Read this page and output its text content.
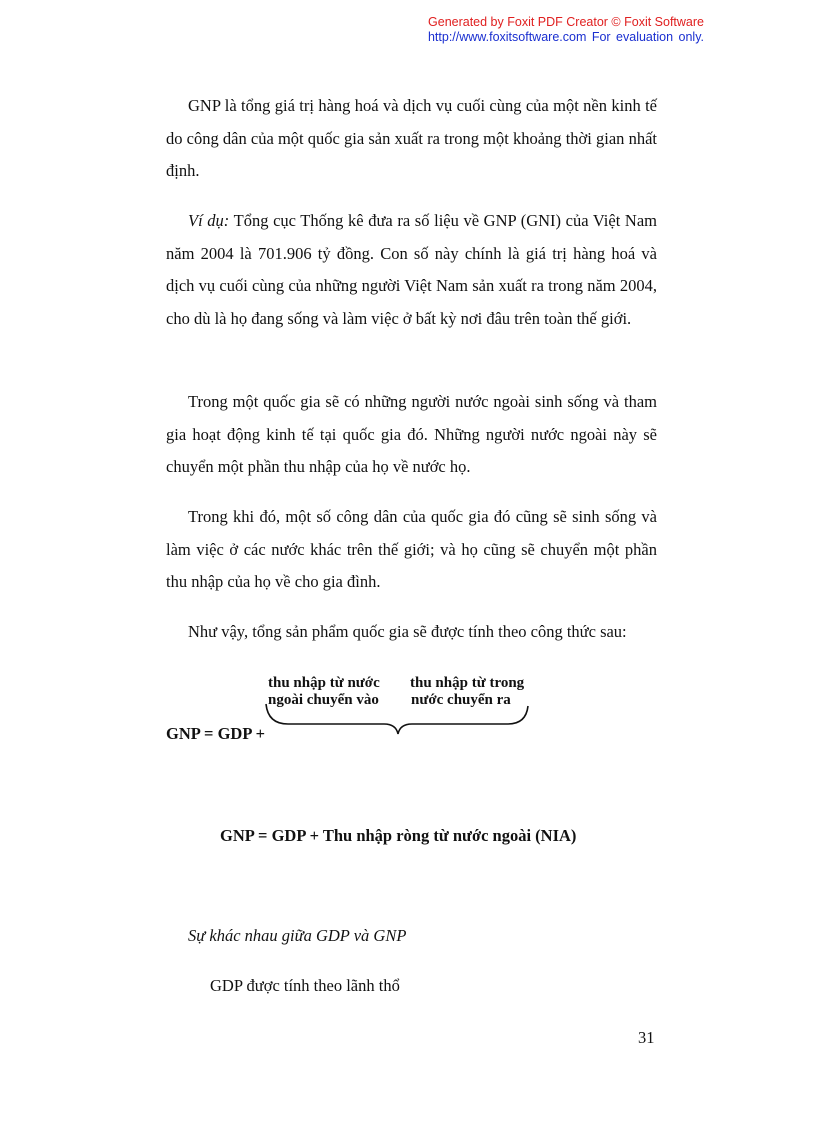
Generated by Foxit PDF Creator © Foxit Software
http://www.foxitsoftware.com For evaluation only.

GNP là tổng giá trị hàng hoá và dịch vụ cuối cùng của một nền kinh tế do công dân của một quốc gia sản xuất ra trong một khoảng thời gian nhất định.

Ví dụ: Tổng cục Thống kê đưa ra số liệu về GNP (GNI) của Việt Nam năm 2004 là 701.906 tỷ đồng. Con số này chính là giá trị hàng hoá và dịch vụ cuối cùng của những người Việt Nam sản xuất ra trong năm 2004, cho dù là họ đang sống và làm việc ở bất kỳ nơi đâu trên toàn thế giới.

Trong một quốc gia sẽ có những người nước ngoài sinh sống và tham gia hoạt động kinh tế tại quốc gia đó. Những người nước ngoài này sẽ chuyển một phần thu nhập của họ về nước họ.

Trong khi đó, một số công dân của quốc gia đó cũng sẽ sinh sống và làm việc ở các nước khác trên thế giới; và họ cũng sẽ chuyển một phần thu nhập của họ về cho gia đình.

Như vậy, tổng sản phẩm quốc gia sẽ được tính theo công thức sau:

thu nhập từ nước
ngoài chuyển vào
thu nhập từ trong
nước chuyển ra
GNP = GDP +
GNP = GDP + Thu nhập ròng từ nước ngoài (NIA)
Sự khác nhau giữa GDP và GNP
GDP được tính theo lãnh thổ
31
